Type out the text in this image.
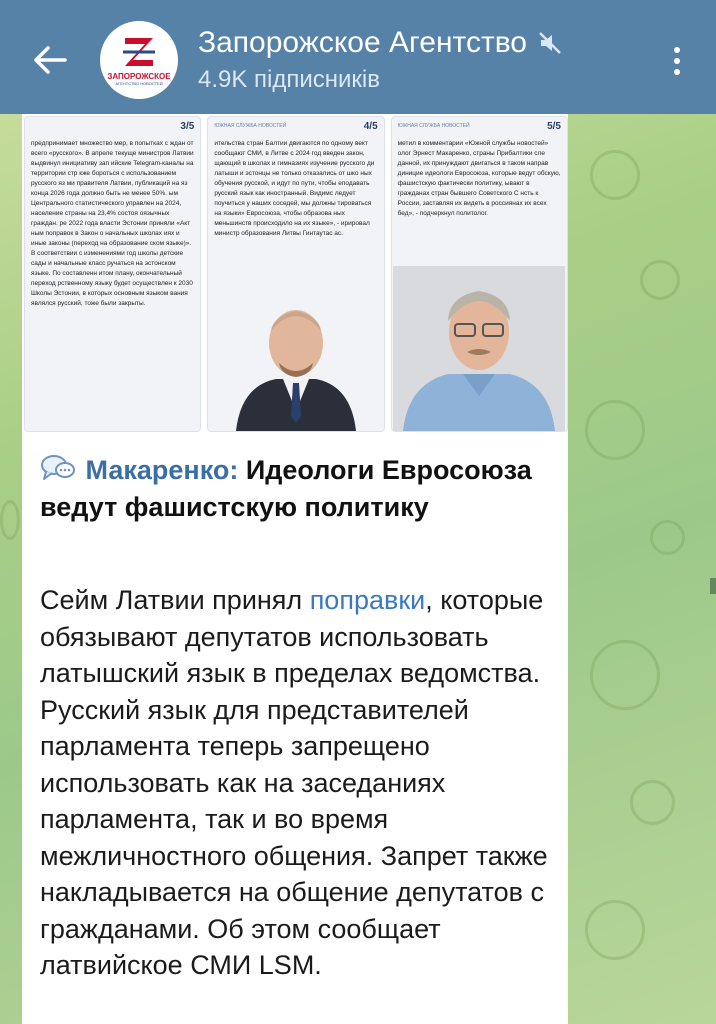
ЗАПОРОЖСКОЕ
АГЕНТСТВО НОВОСТЕЙ
Запорожское Агентство
4.9K підписників
3/5
предпринимает множество мер, в попытках с ждан от всего «русского». В апреле текуще министров Латвии выдвинул инициативу зап ийские Telegram-каналы на территории стр кже бороться с использованием русского яз ми правителя Латвии, публикаций на яз конца 2026 года должно быть не менее 50%. ым Центрального статистического управлен на 2024, население страны на 23,4% состоя оязычных граждан. ре 2022 года власти Эстонии приняли «Акт ным поправок в Закон о начальных школах иях и иные законы (переход на образование ском языке)». В соответствии с изменениями год школы детские сады и начальные класс ручаться на эстонском языке. По составленн итом плану, окончательный переход рственному языку будет осуществлен к 2030 Школы Эстонии, в которых основным языком вания являлся русский, тоже были закрыты.
ЮЖНАЯ СЛУЖБА НОВОСТЕЙ	4/5
ительства стран Балтии двигаются по одному вект сообщают СМИ, в Литве с 2024 год введен закон, щающий в школах и гимназиях изучение русского ди латыши и эстонцы не только отказались от шко ных обучения русской, и идут по пути, чтобы еподавать русский язык как иностранный. Видимс ледует поучиться у наших соседей, мы должны тироваться на языки» Евросоюза, чтобы образова ных меньшинств происходило на их языке», - ирировал министр образования Литвы Гинтаутас ас.
ЮЖНАЯ СЛУЖБА НОВОСТЕЙ	5/5
метил в комментарии «Южной службы новостей» олог Эрнест Макаренко, страны Прибалтики сле данной, их принуждают двигаться в таком направ диницие идеологи Евросоюза, которые ведут обскую, фашистскую фактически политику, ывают в гражданах стран бывшего Советского С нсть к России, заставляя их видеть в россиянах их всех бед», - подчеркнул политолог.
Макаренко: Идеологи Евросоюза ведут фашистскую политику
Сейм Латвии принял поправки, которые обязывают депутатов использовать латышский язык в пределах ведомства. Русский язык для представителей парламента теперь запрещено использовать как на заседаниях парламента, так и во время межличностного общения. Запрет также накладывается на общение депутатов с гражданами. Об этом сообщает латвийское СМИ LSM.
